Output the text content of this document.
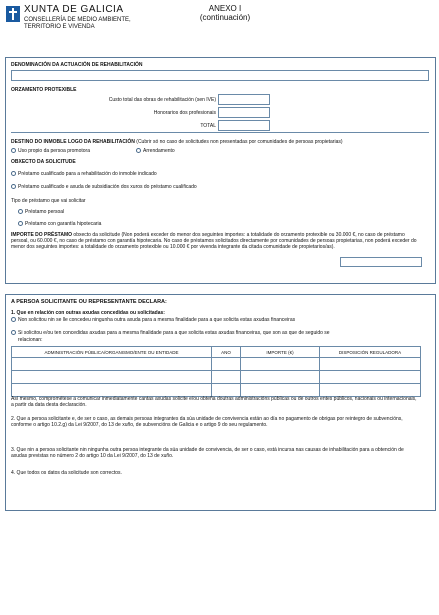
XUNTA DE GALICIA
CONSELLERÍA DE MEDIO AMBIENTE,
TERRITORIO E VIVENDA
ANEXO I
(continuación)
DENOMINACIÓN DA ACTUACIÓN DE REHABILITACIÓN
ORZAMENTO PROTEXIBLE
Custo total das obras de rehabilitación (sen IVE)
Honorarios dos profesionais
TOTAL
DESTINO DO INMOBLE LOGO DA REHABILITACIÓN (Cubrir só no caso de solicitudes non presentadas por comunidades de persoas propietarias)
Uso propio da persoa promotora	Arrendamento
OBXECTO DA SOLICITUDE
Préstamo cualificado para a rehabilitación do inmoble indicado
Préstamo cualificado e axuda de subsidiación dos xuros do préstamo cualificado
Tipo de préstamo que vai solicitar
Préstamo persoal
Préstamo con garantía hipotecaria
IMPORTE DO PRÉSTAMO obxecto da solicitude (Non poderá exceder do menor dos seguintes importes: a totalidade do orzamento protexible ou 30.000 €, no caso de préstamo persoal, ou 60.000 €, no caso de préstamo con garantía hipotecaria. No caso de préstamos solicitados directamente por comunidades de persoas propietarias, non poderá exceder do menor dos seguintes importes: a totalidade do orzamento protexible ou 10.000 € por vivenda integrante da citada comunidade de propietarios/as).
A PERSOA SOLICITANTE OU REPRESENTANTE DECLARA:
1. Que en relación con outras axudas concedidas ou solicitadas:
Non solicitou nin se lle concedeu ningunha outra axuda para a mesma finalidade para a que solicita estas axudas financeiras
Si solicitou e/ou ten concedidas axudas para a mesma finalidade para a que solicita estas axudas financeiras, que son as que de seguido se
relacionan:
ADMINISTRACIÓN PÚBLICA/ORGANISMO/ENTE OU ENTIDADE	ANO	IMPORTE (€)	DISPOSICIÓN REGULADORA

Así mesmo, comprométese a comunicar inmediatamente cantas axudas solicite e/ou obteña doutras administracións públicas ou de outros entes públicos, nacionais ou internacionais, a partir da data desta declaración.
2. Que a persoa solicitante e, de ser o caso, as demais persoas integrantes da súa unidade de convivencia están ao día no pagamento de obrigas por reintegro de subvencións, conforme o artigo 10.2.g) da Lei 9/2007, do 13 de xuño, de subvencións de Galicia e o artigo 9 do seu regulamento.
3. Que nin a persoa solicitante nin ningunha outra persoa integrante da súa unidade de convivencia, de ser o caso, está incursa nas causas de inhabilitación para a obtención de axudas previstas no número 2 do artigo 10 da Lei 9/2007, do 13 de xuño.
4. Que todos os datos da solicitude son correctos.
